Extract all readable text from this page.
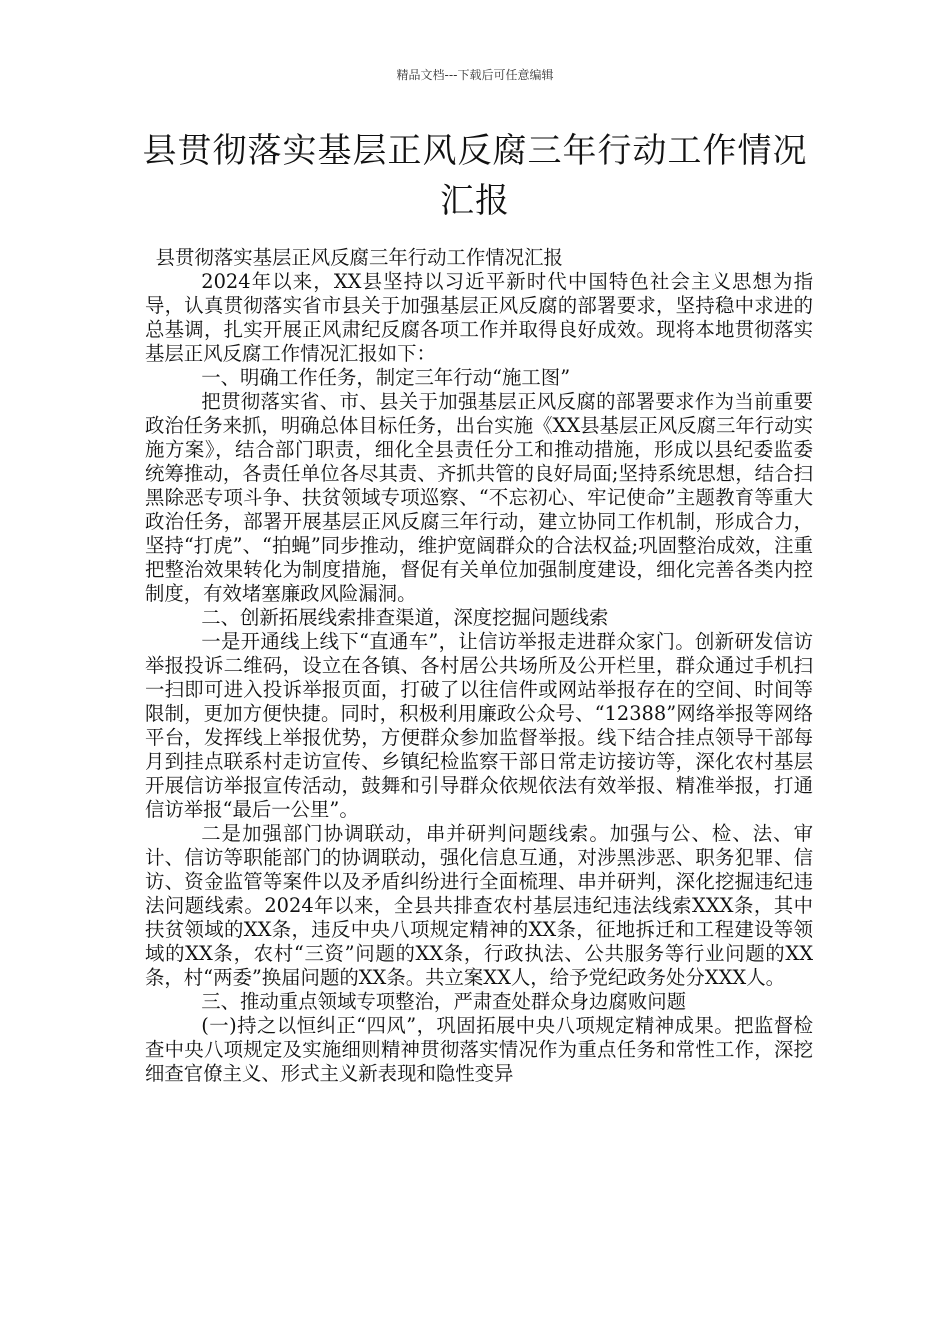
精品文档---下载后可任意编辑
县贯彻落实基层正风反腐三年行动工作情况汇报

县贯彻落实基层正风反腐三年行动工作情况汇报

2024年以来，XX县坚持以习近平新时代中国特色社会主义思想为指导，认真贯彻落实省市县关于加强基层正风反腐的部署要求，坚持稳中求进的总基调，扎实开展正风肃纪反腐各项工作并取得良好成效。现将本地贯彻落实基层正风反腐工作情况汇报如下：

一、明确工作任务，制定三年行动“施工图”

把贯彻落实省、市、县关于加强基层正风反腐的部署要求作为当前重要政治任务来抓，明确总体目标任务，出台实施《XX县基层正风反腐三年行动实施方案》，结合部门职责，细化全县责任分工和推动措施，形成以县纪委监委统筹推动，各责任单位各尽其责、齐抓共管的良好局面;坚持系统思想，结合扫黑除恶专项斗争、扶贫领域专项巡察、“不忘初心、牢记使命”主题教育等重大政治任务，部署开展基层正风反腐三年行动，建立协同工作机制，形成合力，坚持“打虎”、“拍蝇”同步推动，维护宽阔群众的合法权益;巩固整治成效，注重把整治效果转化为制度措施，督促有关单位加强制度建设，细化完善各类内控制度，有效堵塞廉政风险漏洞。

二、创新拓展线索排查渠道，深度挖掘问题线索

一是开通线上线下“直通车”，让信访举报走进群众家门。创新研发信访举报投诉二维码，设立在各镇、各村居公共场所及公开栏里，群众通过手机扫一扫即可进入投诉举报页面，打破了以往信件或网站举报存在的空间、时间等限制，更加方便快捷。同时，积极利用廉政公众号、“12388”网络举报等网络平台，发挥线上举报优势，方便群众参加监督举报。线下结合挂点领导干部每月到挂点联系村走访宣传、乡镇纪检监察干部日常走访接访等，深化农村基层开展信访举报宣传活动，鼓舞和引导群众依规依法有效举报、精准举报，打通信访举报“最后一公里”。

二是加强部门协调联动，串并研判问题线索。加强与公、检、法、审计、信访等职能部门的协调联动，强化信息互通，对涉黑涉恶、职务犯罪、信访、资金监管等案件以及矛盾纠纷进行全面梳理、串并研判，深化挖掘违纪违法问题线索。2024年以来，全县共排查农村基层违纪违法线索XXX条，其中扶贫领域的XX条，违反中央八项规定精神的XX条，征地拆迁和工程建设等领域的XX条，农村“三资”问题的XX条，行政执法、公共服务等行业问题的XX条，村“两委”换届问题的XX条。共立案XX人，给予党纪政务处分XXX人。

三、推动重点领域专项整治，严肃查处群众身边腐败问题

(一)持之以恒纠正“四风”，巩固拓展中央八项规定精神成果。把监督检查中央八项规定及实施细则精神贯彻落实情况作为重点任务和常性工作，深挖细查官僚主义、形式主义新表现和隐性变异
